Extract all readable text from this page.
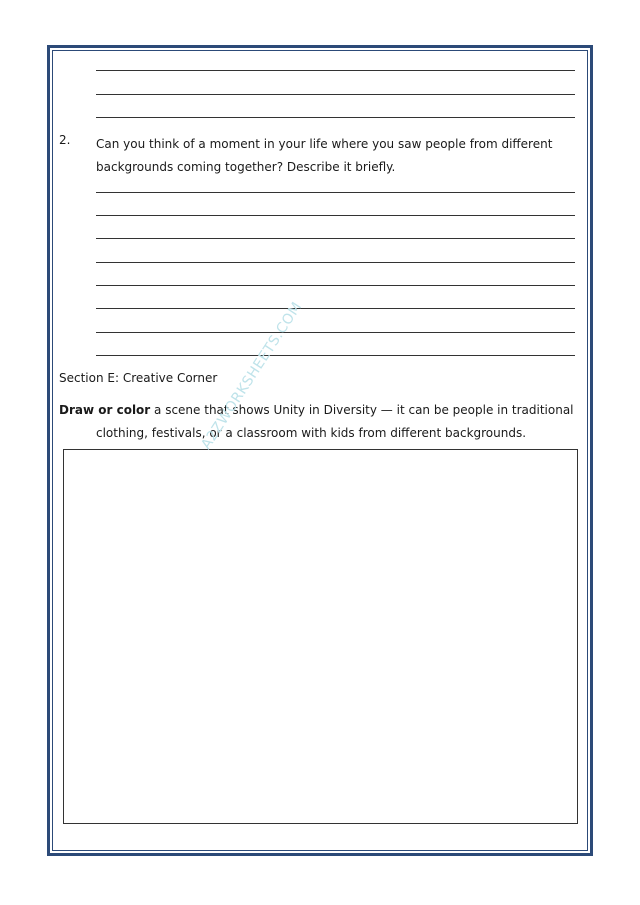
2. Can you think of a moment in your life where you saw people from different backgrounds coming together? Describe it briefly.
Section E: Creative Corner
Draw or color a scene that shows Unity in Diversity — it can be people in traditional clothing, festivals, or a classroom with kids from different backgrounds.
A2ZWORKSHEETS.COM
